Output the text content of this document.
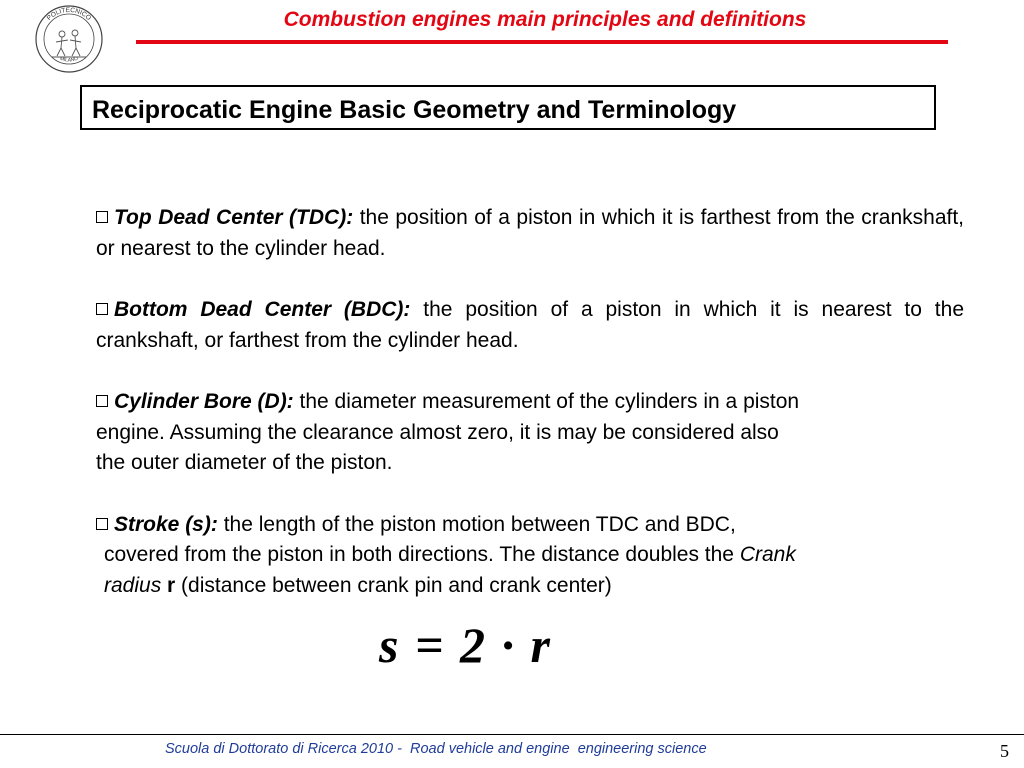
POLITECNICO
MILANO
Combustion engines main principles and definitions
Reciprocatic Engine Basic Geometry and Terminology
Top Dead Center (TDC): the position of a piston in which it is farthest from the crankshaft, or nearest to the cylinder head.
Bottom Dead Center (BDC): the position of a piston in which it is nearest to the crankshaft, or farthest from the cylinder head.
Cylinder Bore (D): the diameter measurement of the cylinders in a piston
engine. Assuming the clearance almost zero, it is may be considered also
the outer diameter of the piston.
Stroke (s): the length of the piston motion between TDC and BDC,
covered from the piston in both directions. The distance doubles the Crank
radius r (distance between crank pin and crank center)
s = 2 · r
Scuola di Dottorato di Ricerca 2010 -  Road vehicle and engine  engineering science	5
